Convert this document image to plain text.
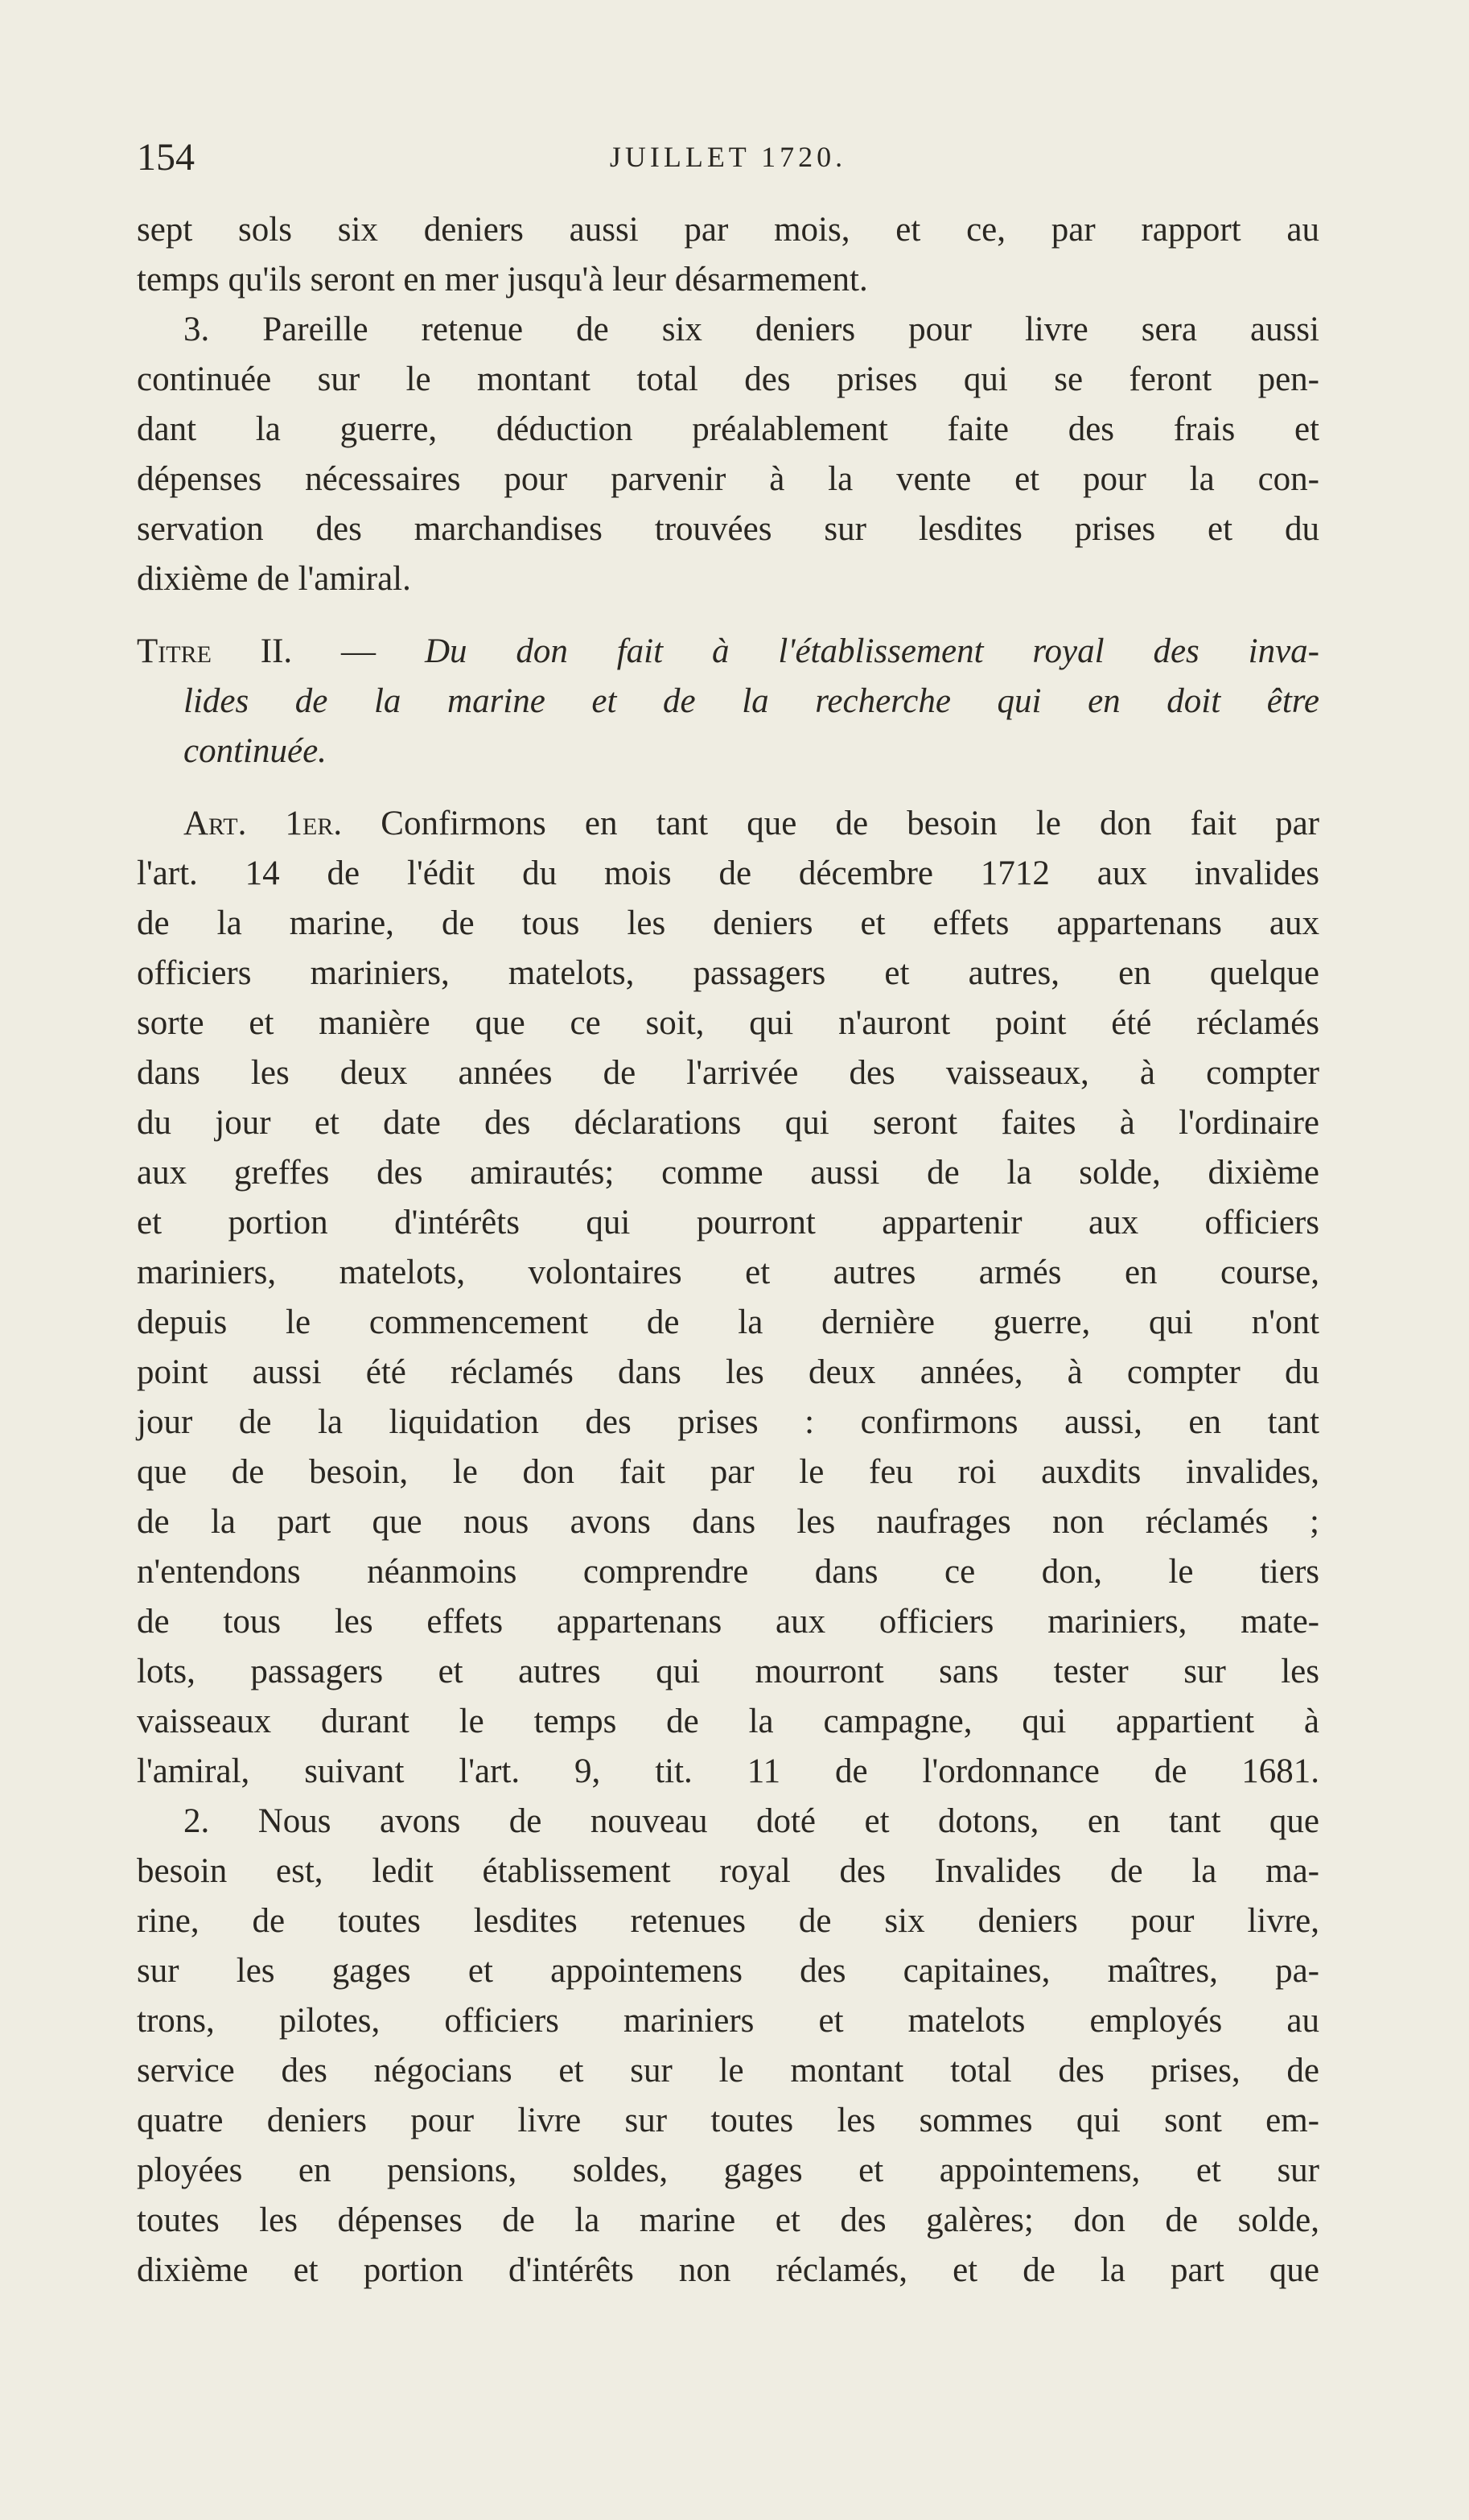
154	JUILLET 1720.
sept sols six deniers aussi par mois, et ce, par rapport au
temps qu'ils seront en mer jusqu'à leur désarmement.
3. Pareille retenue de six deniers pour livre sera aussi
continuée sur le montant total des prises qui se feront pen-
dant la guerre, déduction préalablement faite des frais et
dépenses nécessaires pour parvenir à la vente et pour la con-
servation des marchandises trouvées sur lesdites prises et du
dixième de l'amiral.
Titre II. — Du don fait à l'établissement royal des inva-
lides de la marine et de la recherche qui en doit être
continuée.
Art. 1er. Confirmons en tant que de besoin le don fait par
l'art. 14 de l'édit du mois de décembre 1712 aux invalides
de la marine, de tous les deniers et effets appartenans aux
officiers mariniers, matelots, passagers et autres, en quelque
sorte et manière que ce soit, qui n'auront point été réclamés
dans les deux années de l'arrivée des vaisseaux, à compter
du jour et date des déclarations qui seront faites à l'ordinaire
aux greffes des amirautés; comme aussi de la solde, dixième
et portion d'intérêts qui pourront appartenir aux officiers
mariniers, matelots, volontaires et autres armés en course,
depuis le commencement de la dernière guerre, qui n'ont
point aussi été réclamés dans les deux années, à compter du
jour de la liquidation des prises : confirmons aussi, en tant
que de besoin, le don fait par le feu roi auxdits invalides,
de la part que nous avons dans les naufrages non réclamés ;
n'entendons néanmoins comprendre dans ce don, le tiers
de tous les effets appartenans aux officiers mariniers, mate-
lots, passagers et autres qui mourront sans tester sur les
vaisseaux durant le temps de la campagne, qui appartient à
l'amiral, suivant l'art. 9, tit. 11 de l'ordonnance de 1681.
2. Nous avons de nouveau doté et dotons, en tant que
besoin est, ledit établissement royal des Invalides de la ma-
rine, de toutes lesdites retenues de six deniers pour livre,
sur les gages et appointemens des capitaines, maîtres, pa-
trons, pilotes, officiers mariniers et matelots employés au
service des négocians et sur le montant total des prises, de
quatre deniers pour livre sur toutes les sommes qui sont em-
ployées en pensions, soldes, gages et appointemens, et sur
toutes les dépenses de la marine et des galères; don de solde,
dixième et portion d'intérêts non réclamés, et de la part que
